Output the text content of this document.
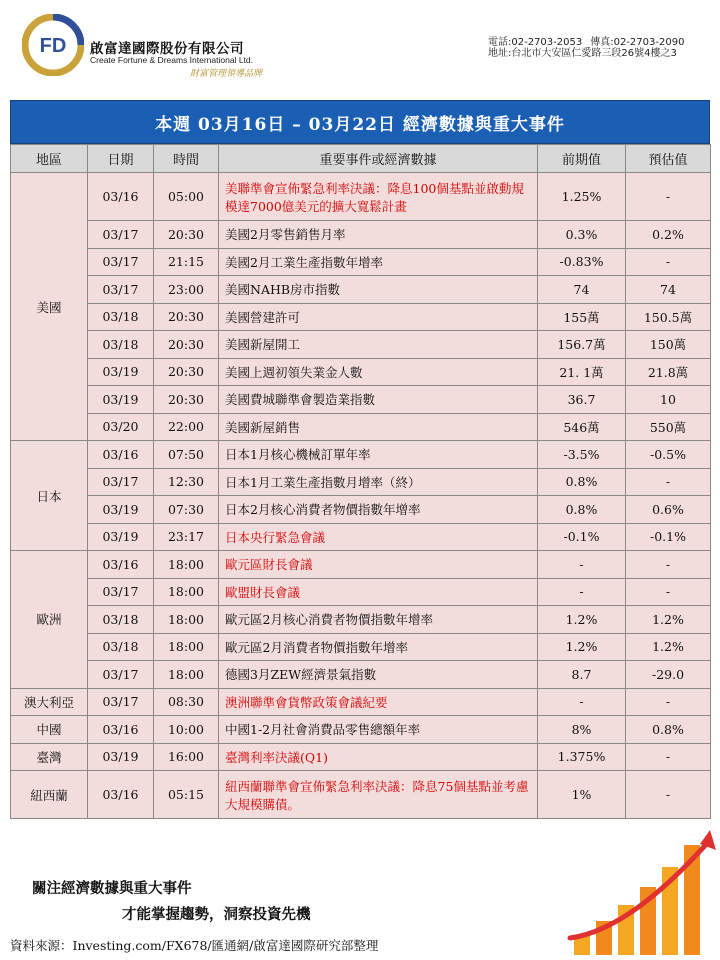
FD 啟富達國際股份有限公司
Create Fortune & Dreams International Ltd.
財富管理領導品牌
電話:02-2703-2053 傳真:02-2703-2090
地址:台北市大安區仁愛路三段26號4樓之3
本週 03月16日 – 03月22日 經濟數據與重大事件
地區	日期	時間	重要事件或經濟數據	前期值	預估值
美國	03/16	05:00	美聯準會宣佈緊急利率決議：降息100個基點並啟動規模達7000億美元的擴大寬鬆計畫	1.25%	-
	03/17	20:30	美國2月零售銷售月率	0.3%	0.2%
	03/17	21:15	美國2月工業生產指數年增率	-0.83%	-
	03/17	23:00	美國NAHB房市指數	74	74
	03/18	20:30	美國營建許可	155萬	150.5萬
	03/18	20:30	美國新屋開工	156.7萬	150萬
	03/19	20:30	美國上週初領失業金人數	21. 1萬	21.8萬
	03/19	20:30	美國費城聯準會製造業指數	36.7	10
	03/20	22:00	美國新屋銷售	546萬	550萬
日本	03/16	07:50	日本1月核心機械訂單年率	-3.5%	-0.5%
	03/17	12:30	日本1月工業生產指數月增率（終）	0.8%	-
	03/19	07:30	日本2月核心消費者物價指數年增率	0.8%	0.6%
	03/19	23:17	日本央行緊急會議	-0.1%	-0.1%
歐洲	03/16	18:00	歐元區財長會議	-	-
	03/17	18:00	歐盟財長會議	-	-
	03/18	18:00	歐元區2月核心消費者物價指數年增率	1.2%	1.2%
	03/18	18:00	歐元區2月消費者物價指數年增率	1.2%	1.2%
	03/17	18:00	德國3月ZEW經濟景氣指數	8.7	-29.0
澳大利亞	03/17	08:30	澳洲聯準會貨幣政策會議紀要	-	-
中國	03/16	10:00	中國1-2月社會消費品零售總額年率	8%	0.8%
臺灣	03/19	16:00	臺灣利率決議(Q1)	1.375%	-
紐西蘭	03/16	05:15	紐西蘭聯準會宣佈緊急利率決議：降息75個基點並考慮大規模購債。	1%	-
關注經濟數據與重大事件
才能掌握趨勢，洞察投資先機
資料來源：Investing.com/FX678/匯通網/啟富達國際研究部整理
